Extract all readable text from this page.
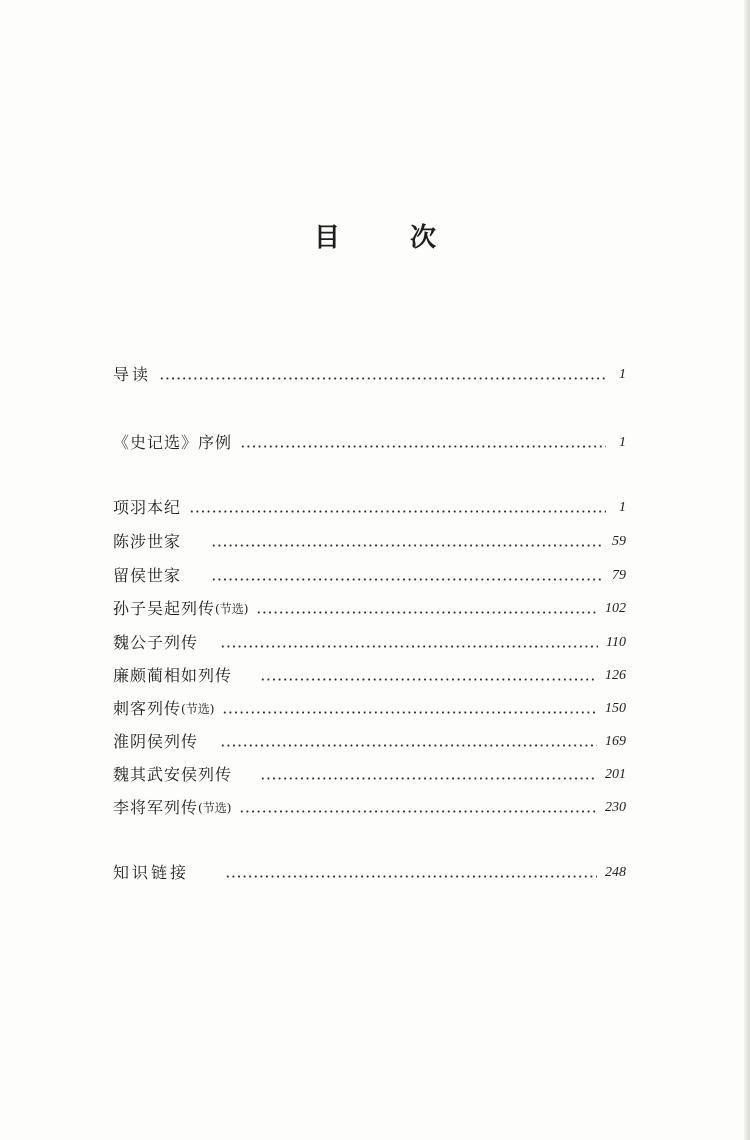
目　次
导读	1
《史记选》序例	1
项羽本纪	1
陈涉世家	59
留侯世家	79
孙子吴起列传 (节选)	102
魏公子列传	110
廉颇蔺相如列传	126
刺客列传 (节选)	150
淮阴侯列传	169
魏其武安侯列传	201
李将军列传 (节选)	230
知识链接	248
